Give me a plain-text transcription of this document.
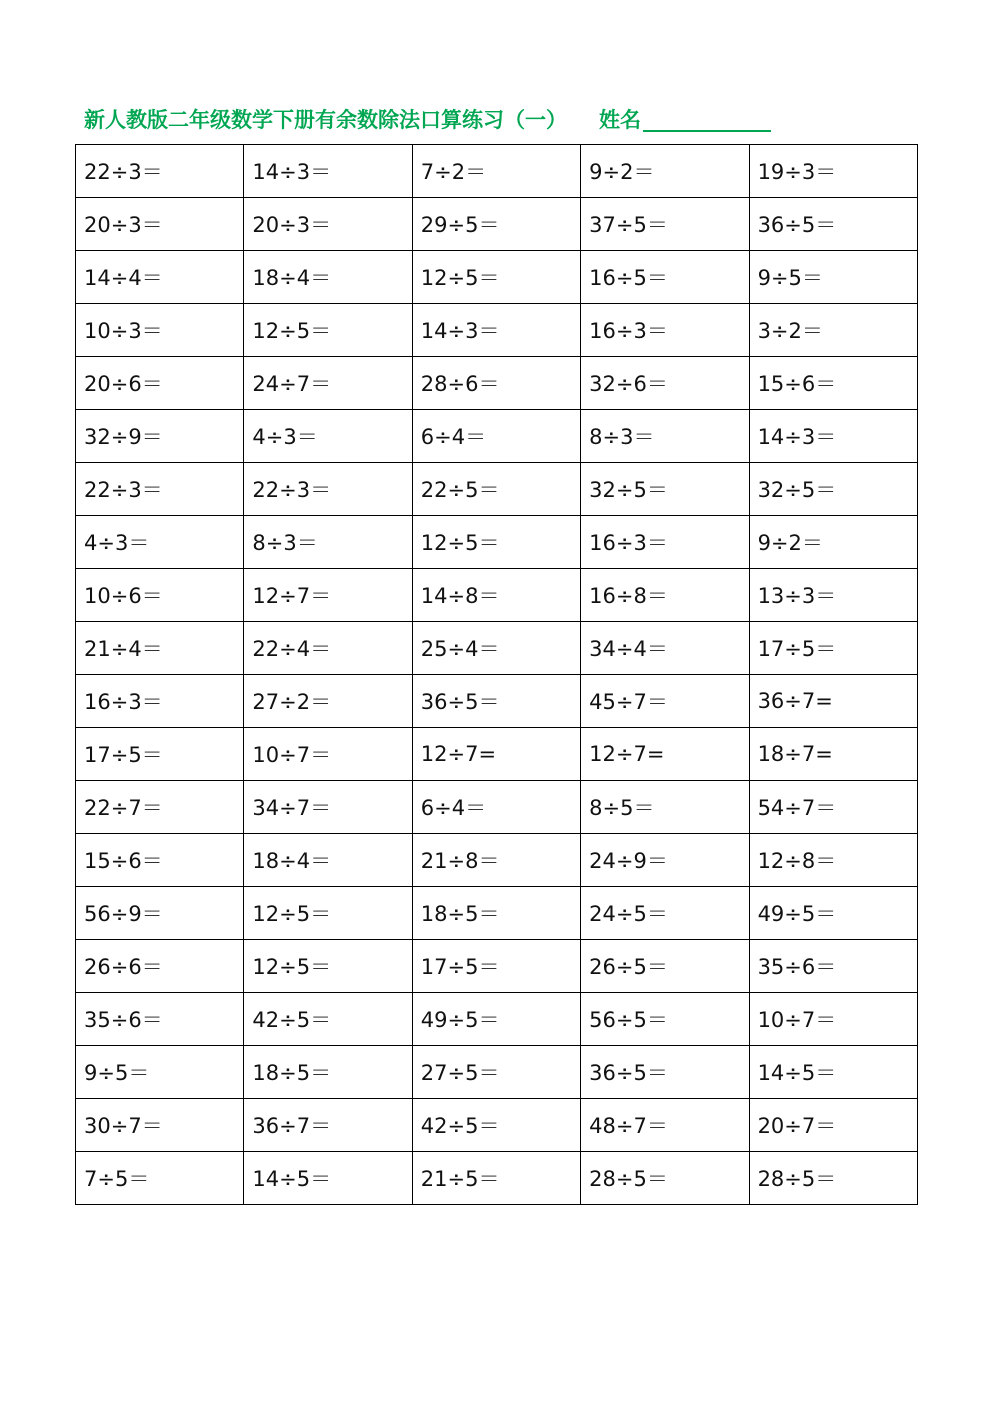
新人教版二年级数学下册有余数除法口算练习（一） 姓名
22÷3＝	14÷3＝	7÷2＝	9÷2＝	19÷3＝
20÷3＝	20÷3＝	29÷5＝	37÷5＝	36÷5＝
14÷4＝	18÷4＝	12÷5＝	16÷5＝	9÷5＝
10÷3＝	12÷5＝	14÷3＝	16÷3＝	3÷2＝
20÷6＝	24÷7＝	28÷6＝	32÷6＝	15÷6＝
32÷9＝	4÷3＝	6÷4＝	8÷3＝	14÷3＝
22÷3＝	22÷3＝	22÷5＝	32÷5＝	32÷5＝
4÷3＝	8÷3＝	12÷5＝	16÷3＝	9÷2＝
10÷6＝	12÷7＝	14÷8＝	16÷8＝	13÷3＝
21÷4＝	22÷4＝	25÷4＝	34÷4＝	17÷5＝
16÷3＝	27÷2＝	36÷5＝	45÷7＝	36÷7=
17÷5＝	10÷7＝	12÷7=	12÷7=	18÷7=
22÷7＝	34÷7＝	6÷4＝	8÷5＝	54÷7＝
15÷6＝	18÷4＝	21÷8＝	24÷9＝	12÷8＝
56÷9＝	12÷5＝	18÷5＝	24÷5＝	49÷5＝
26÷6＝	12÷5＝	17÷5＝	26÷5＝	35÷6＝
35÷6＝	42÷5＝	49÷5＝	56÷5＝	10÷7＝
9÷5＝	18÷5＝	27÷5＝	36÷5＝	14÷5＝
30÷7＝	36÷7＝	42÷5＝	48÷7＝	20÷7＝
7÷5＝	14÷5＝	21÷5＝	28÷5＝	28÷5＝
